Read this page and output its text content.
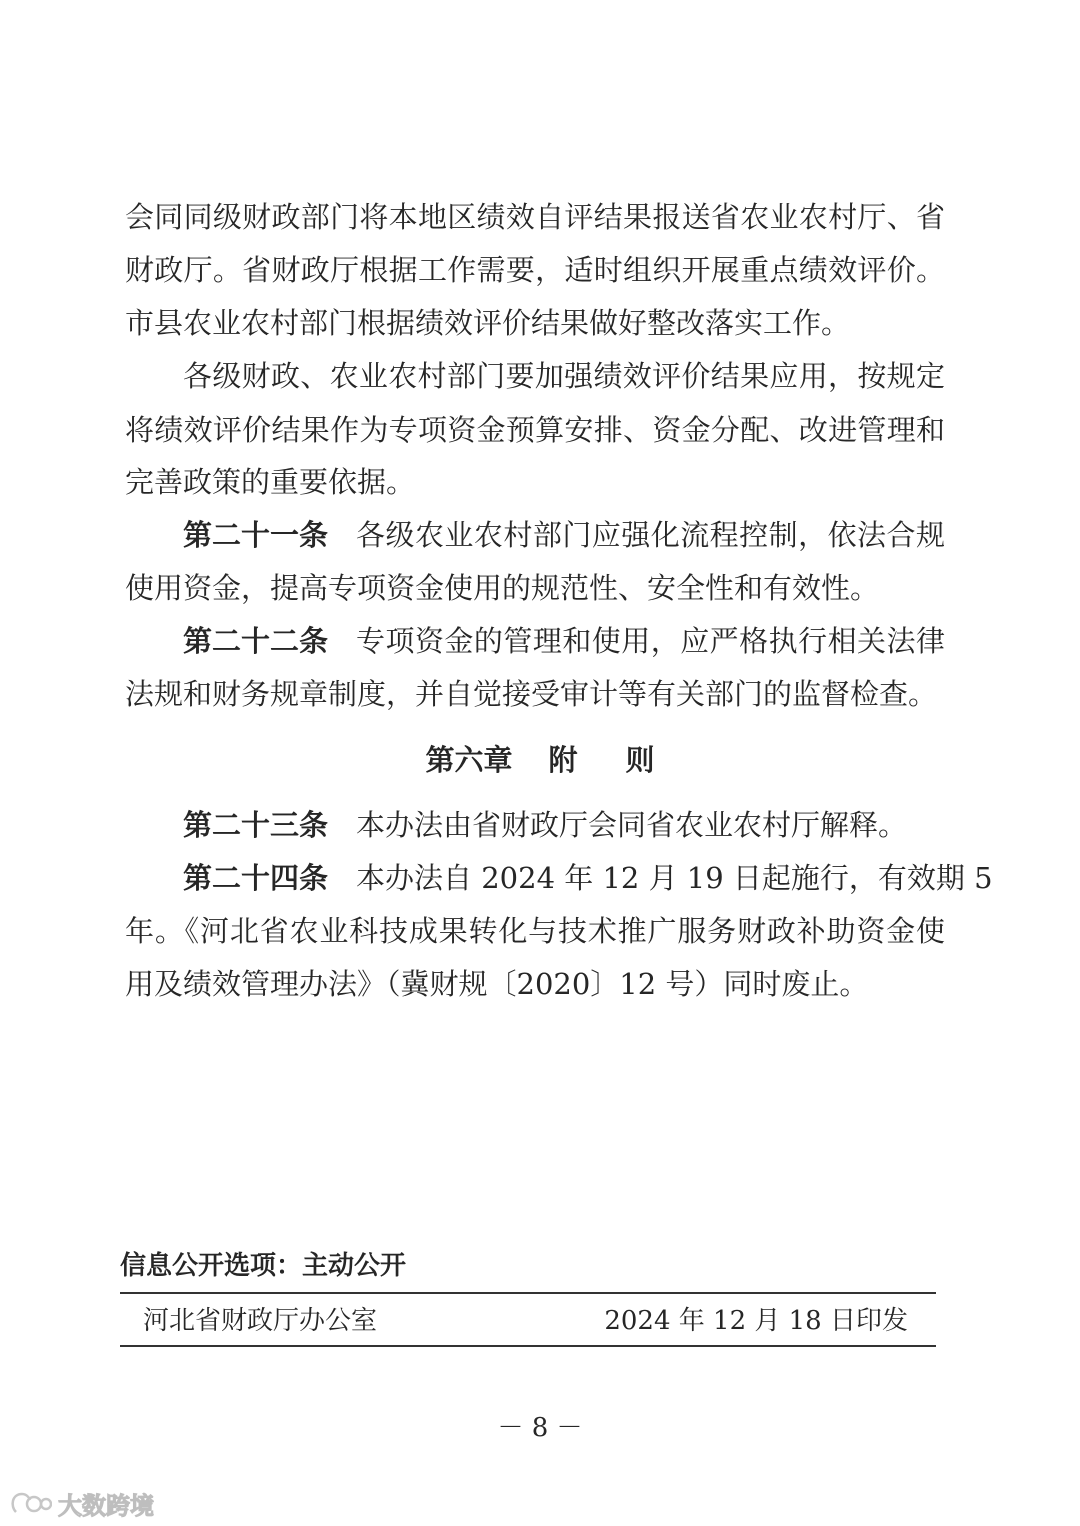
会同同级财政部门将本地区绩效自评结果报送省农业农村厅、省
财政厅。省财政厅根据工作需要，适时组织开展重点绩效评价。
市县农业农村部门根据绩效评价结果做好整改落实工作。
各级财政、农业农村部门要加强绩效评价结果应用，按规定
将绩效评价结果作为专项资金预算安排、资金分配、改进管理和
完善政策的重要依据。
第二十一条 各级农业农村部门应强化流程控制，依法合规
使用资金，提高专项资金使用的规范性、安全性和有效性。
第二十二条 专项资金的管理和使用，应严格执行相关法律
法规和财务规章制度，并自觉接受审计等有关部门的监督检查。
第六章 附 则
第二十三条 本办法由省财政厅会同省农业农村厅解释。
第二十四条 本办法自 2024 年 12 月 19 日起施行，有效期 5
年。《河北省农业科技成果转化与技术推广服务财政补助资金使
用及绩效管理办法》（冀财规〔2020〕12 号）同时废止。
信息公开选项：主动公开
河北省财政厅办公室	2024 年 12 月 18 日印发
－ 8 －
大数跨境
